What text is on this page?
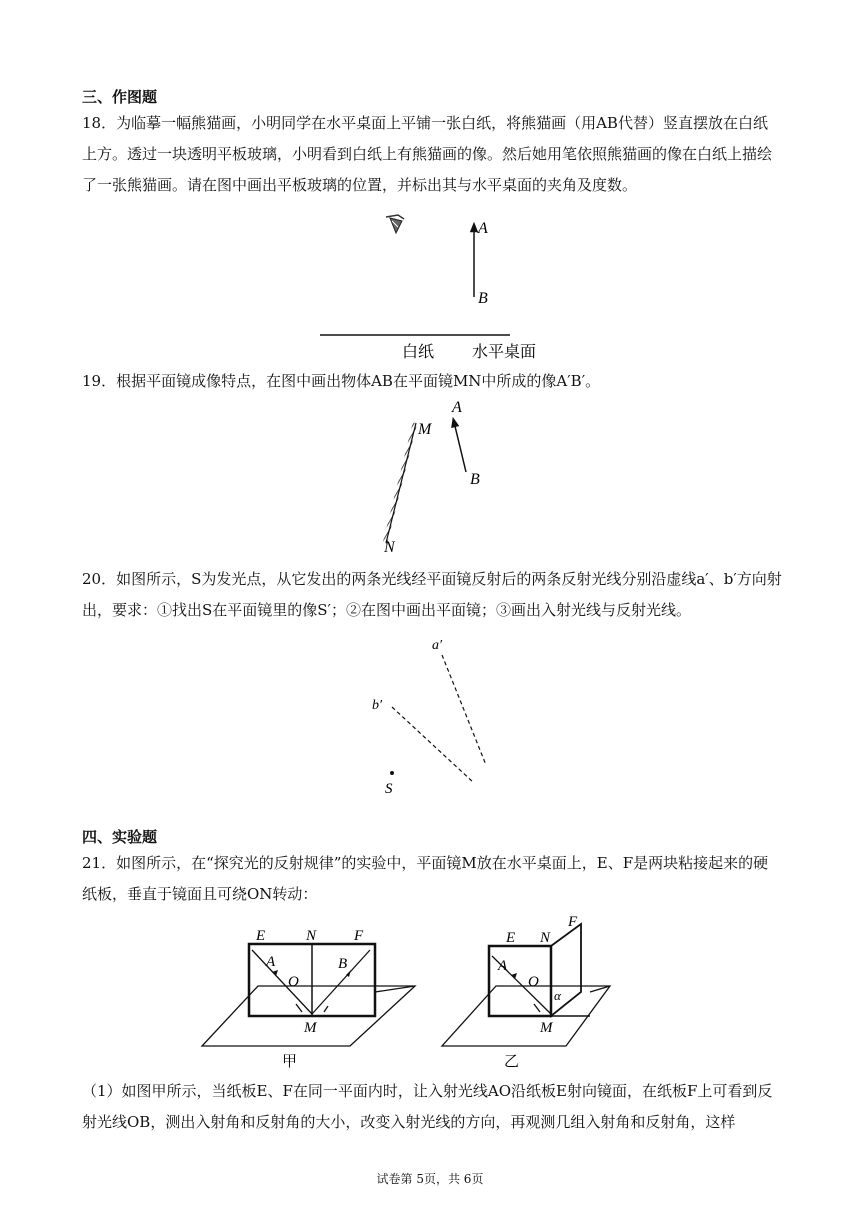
三、作图题

18．为临摹一幅熊猫画，小明同学在水平桌面上平铺一张白纸，将熊猫画（用AB代替）竖直摆放在白纸上方。透过一块透明平板玻璃，小明看到白纸上有熊猫画的像。然后她用笔依照熊猫画的像在白纸上描绘了一张熊猫画。请在图中画出平板玻璃的位置，并标出其与水平桌面的夹角及度数。

A
B
白纸 水平桌面

19．根据平面镜成像特点，在图中画出物体AB在平面镜MN中所成的像A′B′。

M
N
A
B

20．如图所示，S为发光点，从它发出的两条光线经平面镜反射后的两条反射光线分别沿虚线a′、b′方向射出，要求：①找出S在平面镜里的像S′；②在图中画出平面镜；③画出入射光线与反射光线。

a′
b′
S
四、实验题

21．如图所示，在“探究光的反射规律”的实验中，平面镜M放在水平桌面上，E、F是两块粘接起来的硬纸板，垂直于镜面且可绕ON转动：

E	N	F
A
O
B
M
甲
E N
F
A
O
α
M
乙

（1）如图甲所示，当纸板E、F在同一平面内时，让入射光线AO沿纸板E射向镜面，在纸板F上可看到反射光线OB，测出入射角和反射角的大小，改变入射光线的方向，再观测几组入射角和反射角，这样

试卷第 5页，共 6页
